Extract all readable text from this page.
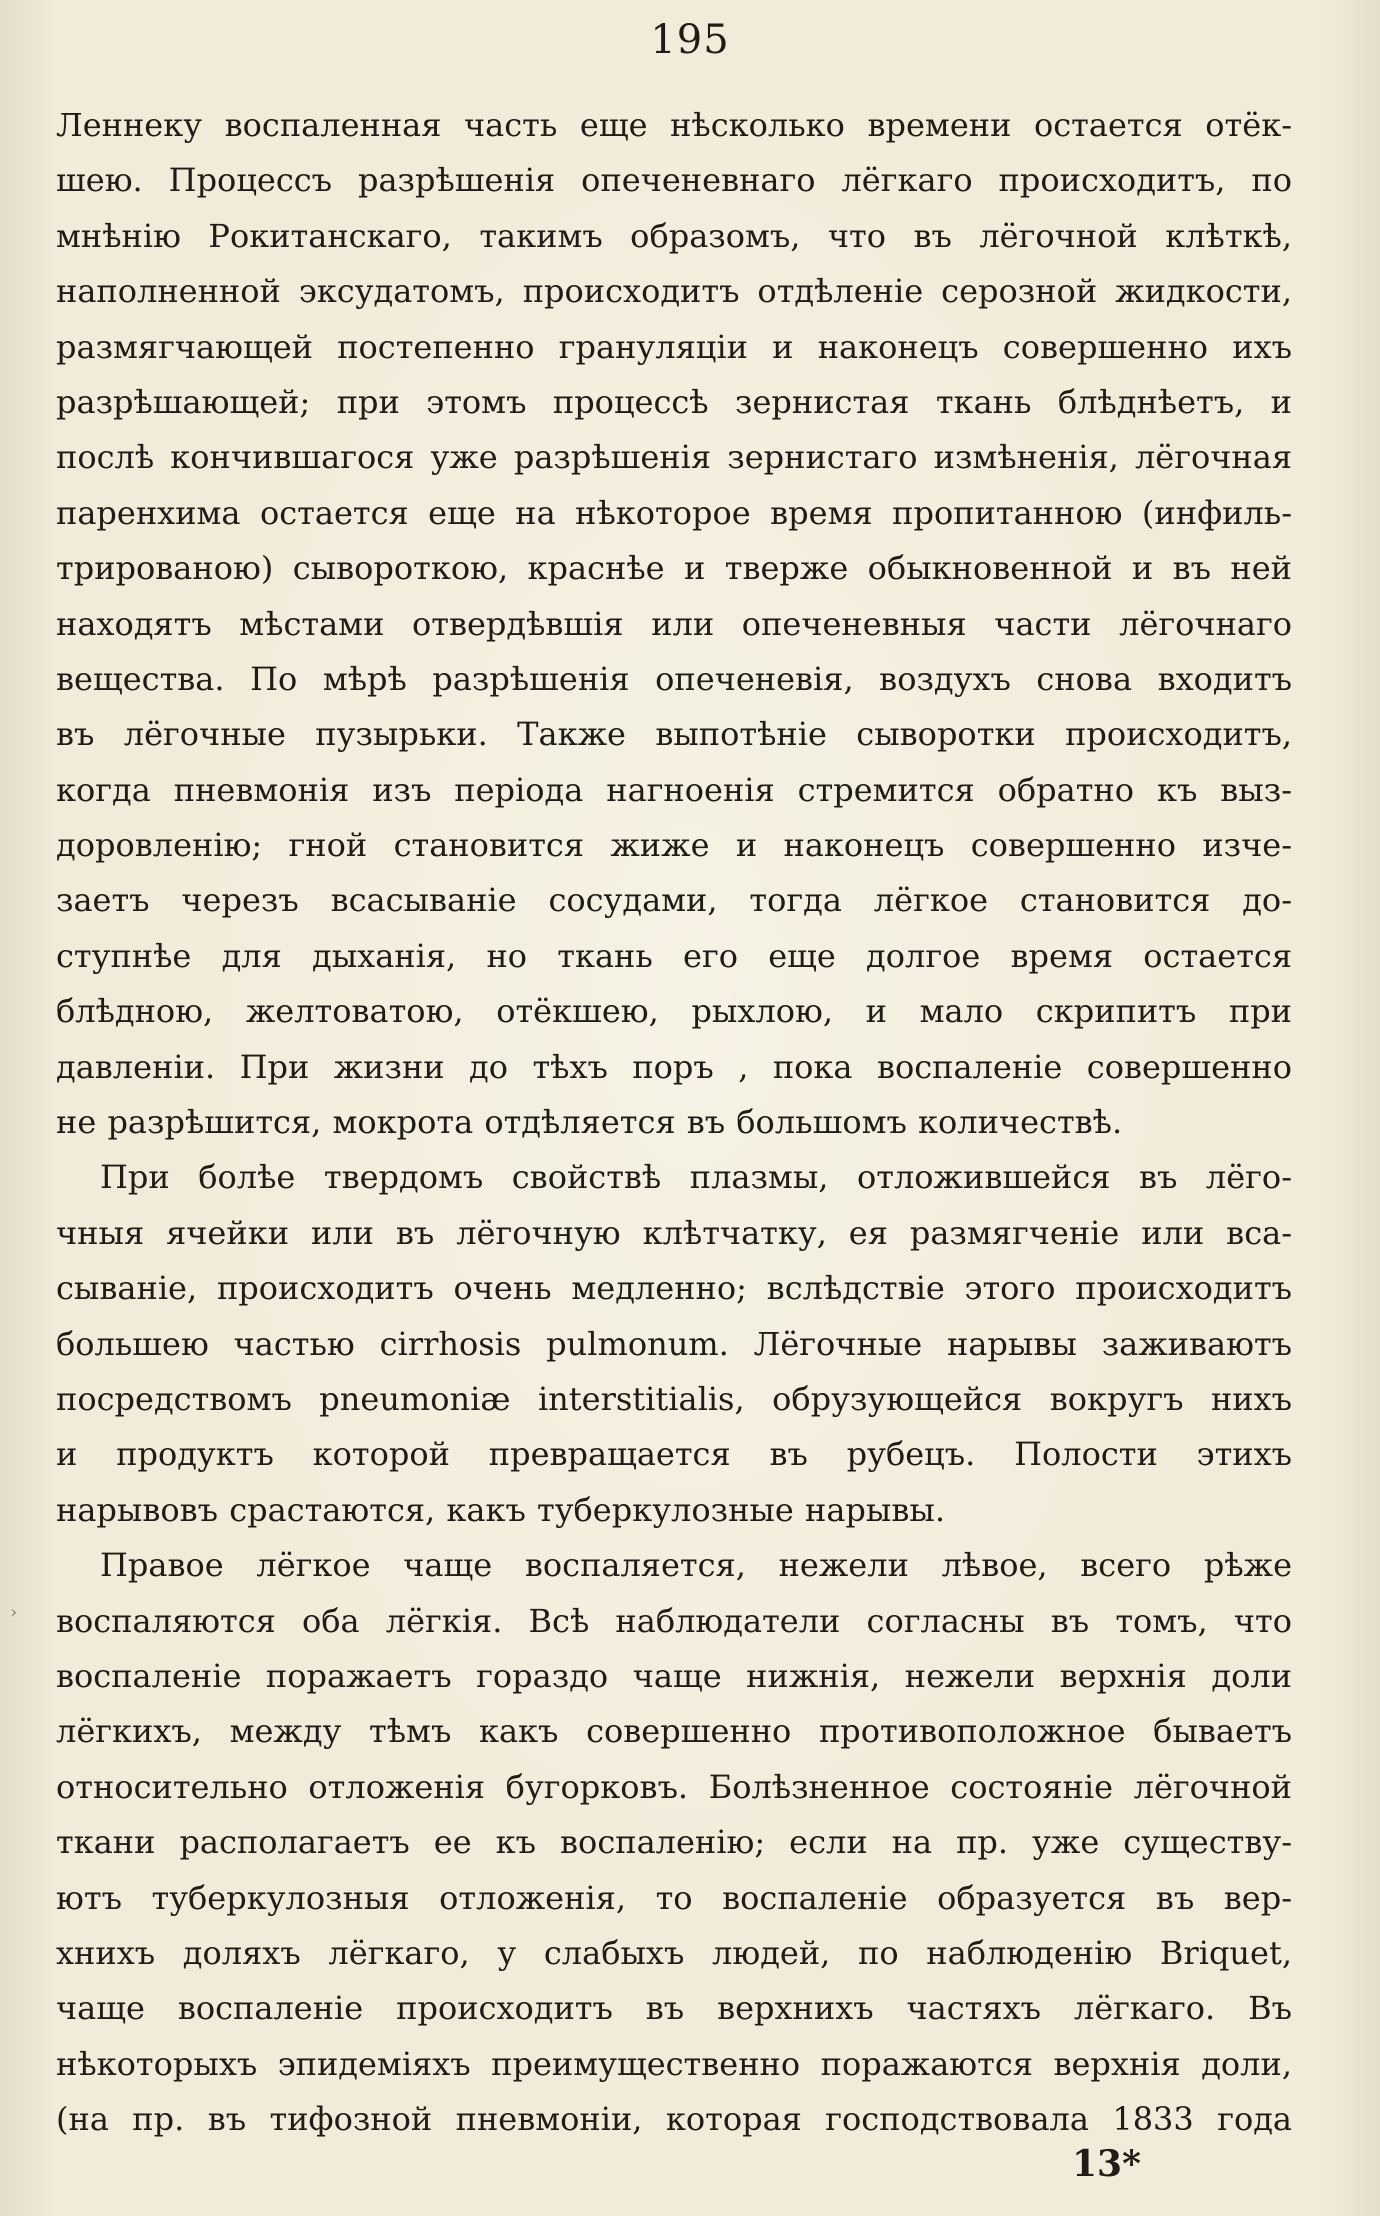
195
›
Леннеку воспаленная часть еще нѣсколько времени остается отёк-
шею. Процессъ разрѣшенія опеченевнаго лёгкаго происходитъ, по
мнѣнію Рокитанскаго, такимъ образомъ, что въ лёгочной клѣткѣ,
наполненной эксудатомъ, происходитъ отдѣленіе серозной жидкости,
размягчающей постепенно грануляціи и наконецъ совершенно ихъ
разрѣшающей; при этомъ процессѣ зернистая ткань блѣднѣетъ, и
послѣ кончившагося уже разрѣшенія зернистаго измѣненія, лёгочная
паренхима остается еще на нѣкоторое время пропитанною (инфиль-
трированою) сывороткою, краснѣе и тверже обыкновенной и въ ней
находятъ мѣстами отвердѣвшія или опеченевныя части лёгочнаго
вещества. По мѣрѣ разрѣшенія опеченевія, воздухъ снова входитъ
въ лёгочные пузырьки. Также выпотѣніе сыворотки происходитъ,
когда пневмонія изъ періода нагноенія стремится обратно къ выз-
доровленію; гной становится жиже и наконецъ совершенно изче-
заетъ черезъ всасываніе сосудами, тогда лёгкое становится до-
ступнѣе для дыханія, но ткань его еще долгое время остается
блѣдною, желтоватою, отёкшею, рыхлою, и мало скрипитъ при
давленіи. При жизни до тѣхъ поръ , пока воспаленіе совершенно
не разрѣшится, мокрота отдѣляется въ большомъ количествѣ.
При болѣе твердомъ свойствѣ плазмы, отложившейся въ лёго-
чныя ячейки или въ лёгочную клѣтчатку, ея размягченіе или вса-
сываніе, происходитъ очень медленно; вслѣдствіе этого происходитъ
большею частью cirrhosis pulmonum. Лёгочные нарывы заживаютъ
посредствомъ pneumoniæ interstitialis, обрузующейся вокругъ нихъ
и продуктъ которой превращается въ рубецъ. Полости этихъ
нарывовъ срастаются, какъ туберкулозные нарывы.
Правое лёгкое чаще воспаляется, нежели лѣвое, всего рѣже
воспаляются оба лёгкія. Всѣ наблюдатели согласны въ томъ, что
воспаленіе поражаетъ гораздо чаще нижнія, нежели верхнія доли
лёгкихъ, между тѣмъ какъ совершенно противоположное бываетъ
относительно отложенія бугорковъ. Болѣзненное состояніе лёгочной
ткани располагаетъ ее къ воспаленію; если на пр. уже существу-
ютъ туберкулозныя отложенія, то воспаленіе образуется въ вер-
хнихъ доляхъ лёгкаго, у слабыхъ людей, по наблюденію Briquet,
чаще воспаленіе происходитъ въ верхнихъ частяхъ лёгкаго. Въ
нѣкоторыхъ эпидеміяхъ преимущественно поражаются верхнія доли,
(на пр. въ тифозной пневмоніи, которая господствовала 1833 года
13*
